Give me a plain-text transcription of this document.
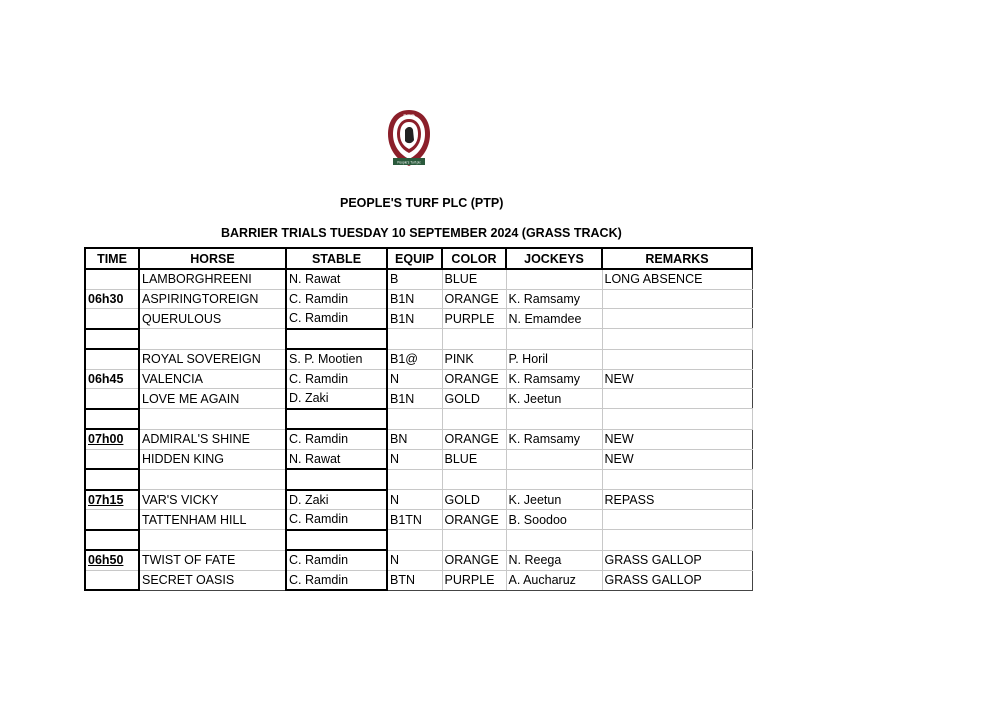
PTP
People's Turf plc
PEOPLE'S TURF PLC (PTP)
BARRIER TRIALS TUESDAY 10 SEPTEMBER 2024 (GRASS TRACK)
TIME	HORSE	STABLE	EQUIP	COLOR	JOCKEYS	REMARKS
	LAMBORGHREENI	N. Rawat	B	BLUE		LONG ABSENCE
06h30	ASPIRINGTOREIGN	C. Ramdin	B1N	ORANGE	K. Ramsamy	
	QUERULOUS	C. Ramdin	B1N	PURPLE	N. Emamdee	

	ROYAL SOVEREIGN	S. P. Mootien	B1@	PINK	P. Horil	
06h45	VALENCIA	C. Ramdin	N	ORANGE	K. Ramsamy	NEW
	LOVE ME AGAIN	D. Zaki	B1N	GOLD	K. Jeetun	

07h00	ADMIRAL'S SHINE	C. Ramdin	BN	ORANGE	K. Ramsamy	NEW
	HIDDEN KING	N. Rawat	N	BLUE		NEW

07h15	VAR'S VICKY	D. Zaki	N	GOLD	K. Jeetun	REPASS
	TATTENHAM HILL	C. Ramdin	B1TN	ORANGE	B. Soodoo	

06h50	TWIST OF FATE	C. Ramdin	N	ORANGE	N. Reega	GRASS GALLOP
	SECRET OASIS	C. Ramdin	BTN	PURPLE	A. Aucharuz	GRASS GALLOP
